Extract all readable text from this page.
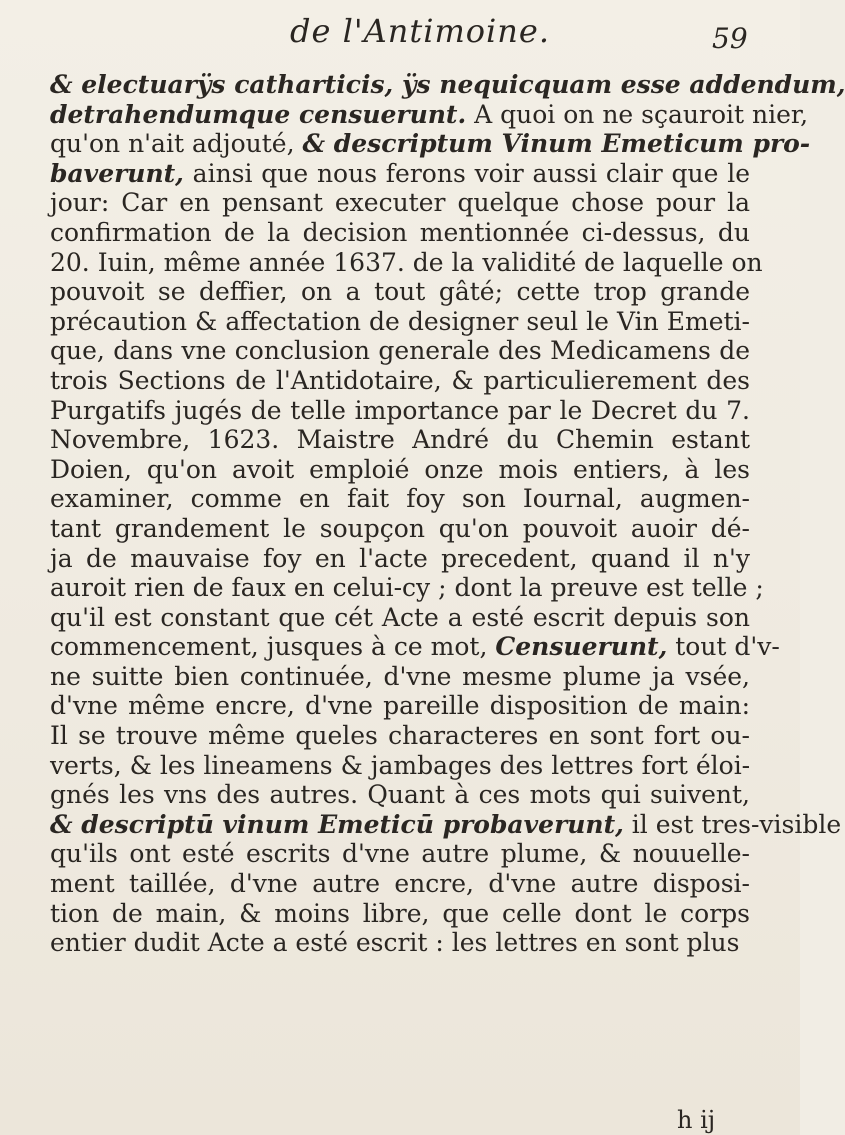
de l'Antimoine.	59
& electuarÿs catharticis, ÿs nequicquam esse addendum,
detrahendumque censuerunt. A quoi on ne sçauroit nier,
qu'on n'ait adjouté, & descriptum Vinum Emeticum pro-
baverunt, ainsi que nous ferons voir aussi clair que le
jour: Car en pensant executer quelque chose pour la
confirmation de la decision mentionnée ci-dessus, du
20. Iuin, même année 1637. de la validité de laquelle on
pouvoit se deffier, on a tout gâté; cette trop grande
précaution & affectation de designer seul le Vin Emeti-
que, dans vne conclusion generale des Medicamens de
trois Sections de l'Antidotaire, & particulierement des
Purgatifs jugés de telle importance par le Decret du 7.
Novembre, 1623. Maistre André du Chemin estant
Doien, qu'on avoit emploié onze mois entiers, à les
examiner, comme en fait foy son Iournal, augmen-
tant grandement le soupçon qu'on pouvoit auoir dé-
ja de mauvaise foy en l'acte precedent, quand il n'y
auroit rien de faux en celui-cy ; dont la preuve est telle ;
qu'il est constant que cét Acte a esté escrit depuis son
commencement, jusques à ce mot, Censuerunt, tout d'v-
ne suitte bien continuée, d'vne mesme plume ja vsée,
d'vne même encre, d'vne pareille disposition de main:
Il se trouve même queles characteres en sont fort ou-
verts, & les lineamens & jambages des lettres fort éloi-
gnés les vns des autres. Quant à ces mots qui suivent,
& descriptū vinum Emeticū probaverunt, il est tres-visible
qu'ils ont esté escrits d'vne autre plume, & nouuelle-
ment taillée, d'vne autre encre, d'vne autre disposi-
tion de main, & moins libre, que celle dont le corps
entier dudit Acte a esté escrit : les lettres en sont plus
h ij
